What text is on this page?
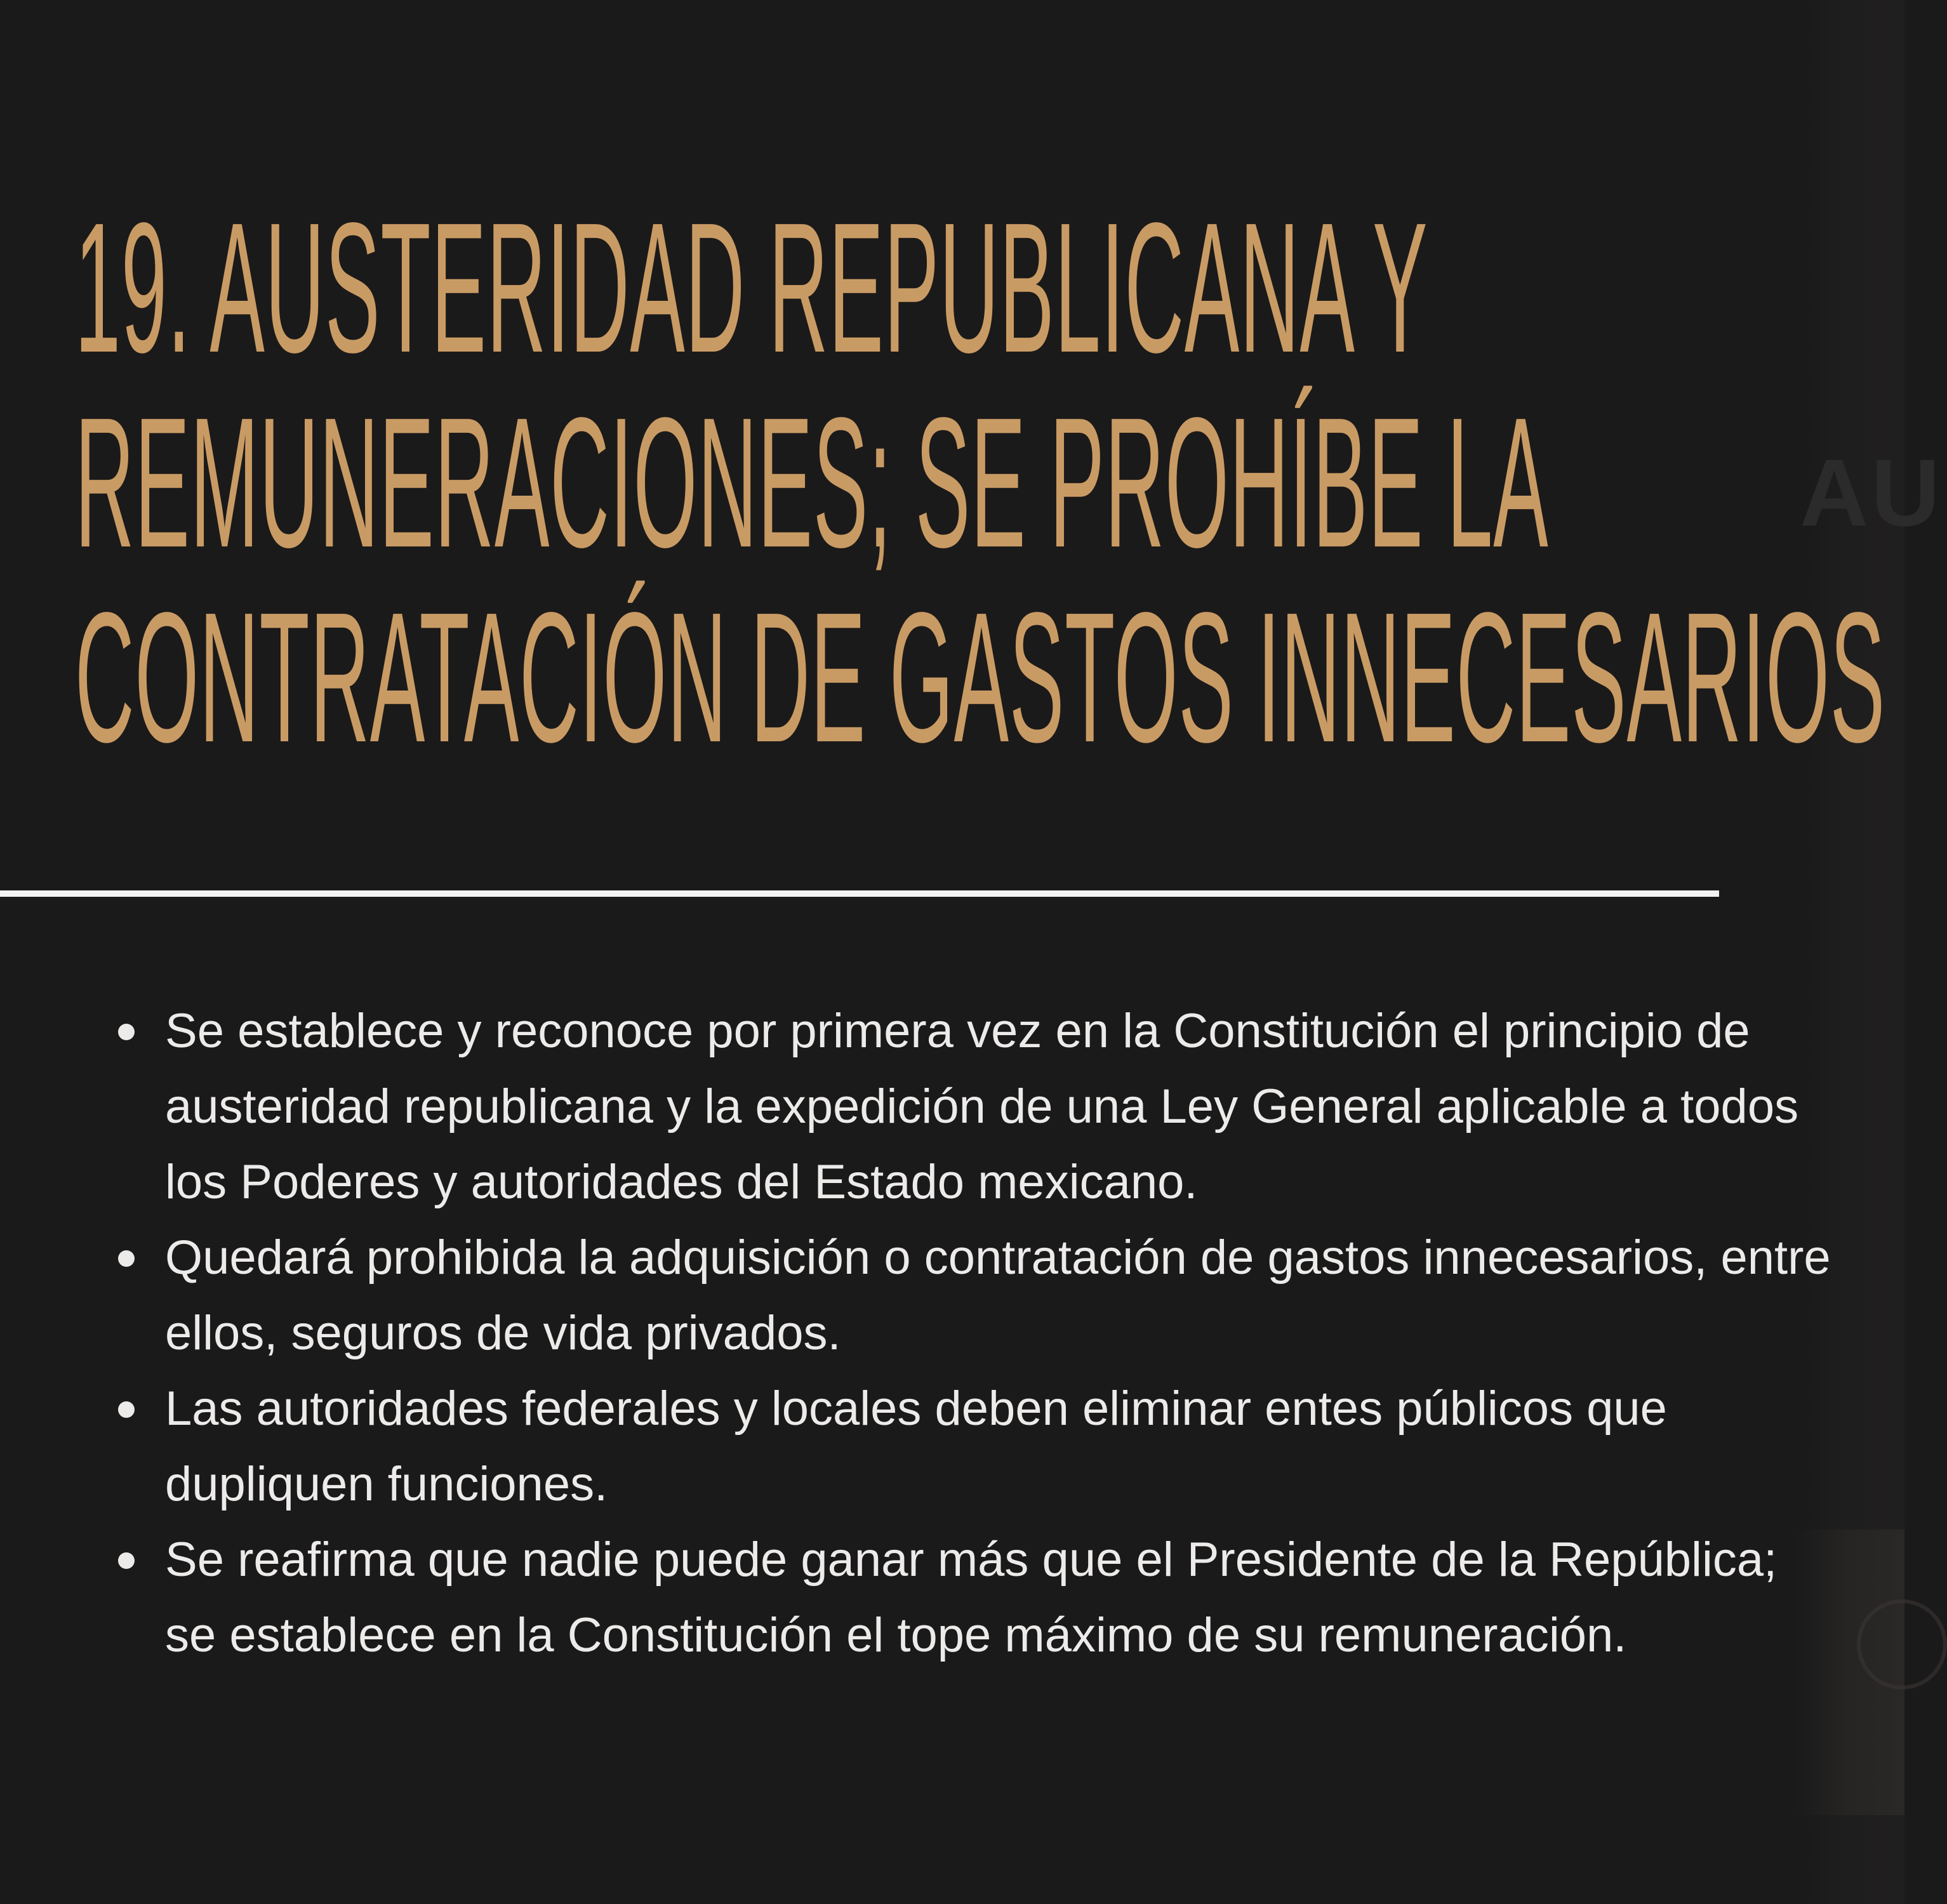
AU
19. AUSTERIDAD REPUBLICANA Y
REMUNERACIONES; SE PROHÍBE LA
CONTRATACIÓN DE GASTOS INNECESARIOS
Se establece y reconoce por primera vez en la Constitución el principio de austeridad republicana y la expedición de una Ley General aplicable a todos los Poderes y autoridades del Estado mexicano.
Quedará prohibida la adquisición o contratación de gastos innecesarios, entre ellos, seguros de vida privados.
Las autoridades federales y locales deben eliminar entes públicos que dupliquen funciones.
Se reafirma que nadie puede ganar más que el Presidente de la República; se establece en la Constitución el tope máximo de su remuneración.
